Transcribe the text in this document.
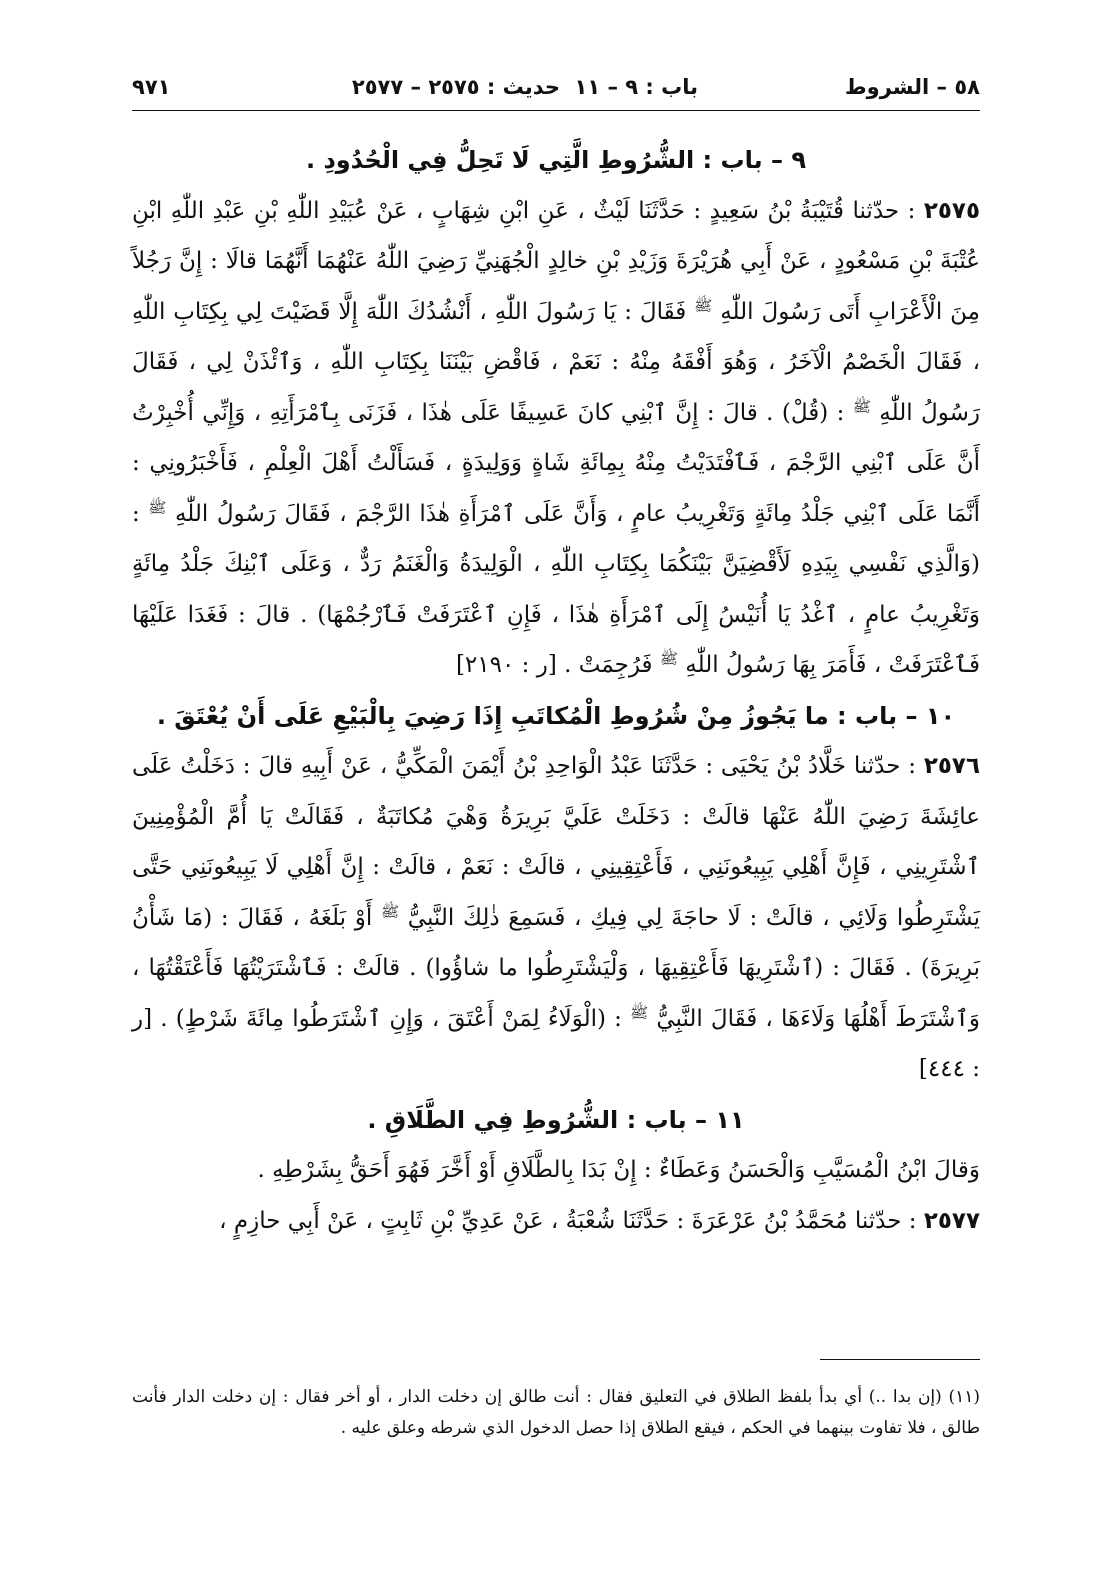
٥٨ – الشروط
باب : ٩ – ١١
حديث : ٢٥٧٥ – ٢٥٧٧
٩٧١

٩ – باب : الشُّرُوطِ الَّتِي لَا تَحِلُّ فِي الْحُدُودِ .

٢٥٧٥ : حدّثنا قُتَيْبَةُ بْنُ سَعِيدٍ : حَدَّثَنَا لَيْثٌ ، عَنِ ابْنِ شِهَابٍ ، عَنْ عُبَيْدِ اللّٰهِ بْنِ عَبْدِ اللّٰهِ ابْنِ عُتْبَةَ بْنِ مَسْعُودٍ ، عَنْ أَبِي هُرَيْرَةَ وَزَيْدِ بْنِ خالِدٍ الْجُهَنِيِّ رَضِيَ اللّٰهُ عَنْهُمَا أَنَّهُمَا قالَا : إِنَّ رَجُلاً مِنَ الْأَعْرَابِ أَتَى رَسُولَ اللّٰهِ $^ﷺ$ فَقَالَ : يَا رَسُولَ اللّٰهِ ، أَنْشُدُكَ اللّٰهَ إِلَّا قَضَيْتَ لِي بِكِتَابِ اللّٰهِ ، فَقَالَ الْخَصْمُ الْآخَرُ ، وَهُوَ أَفْقَهُ مِنْهُ : نَعَمْ ، فَاقْضِ بَيْنَنَا بِكِتَابِ اللّٰهِ ، وَٱئْذَنْ لِي ، فَقَالَ رَسُولُ اللّٰهِ $^ﷺ$ : (قُلْ) . قالَ : إِنَّ ٱبْنِي كانَ عَسِيفًا عَلَى هٰذَا ، فَزَنَى بِٱمْرَأَتِهِ ، وَإِنِّي أُخْبِرْتُ أَنَّ عَلَى ٱبْنِي الرَّجْمَ ، فَٱفْتَدَيْتُ مِنْهُ بِمِائَةِ شَاةٍ وَوَلِيدَةٍ ، فَسَأَلْتُ أَهْلَ الْعِلْمِ ، فَأَخْبَرُونِي : أَنَّمَا عَلَى ٱبْنِي جَلْدُ مِائَةٍ وَتَغْرِيبُ عامٍ ، وَأَنَّ عَلَى ٱمْرَأَةِ هٰذَا الرَّجْمَ ، فَقَالَ رَسُولُ اللّٰهِ $^ﷺ$ : (وَالَّذِي نَفْسِي بِيَدِهِ لَأَقْضِيَنَّ بَيْنَكُمَا بِكِتَابِ اللّٰهِ ، الْوَلِيدَةُ وَالْغَنَمُ رَدٌّ ، وَعَلَى ٱبْنِكَ جَلْدُ مِائَةٍ وَتَغْرِيبُ عامٍ ، ٱغْدُ يَا أُنَيْسُ إِلَى ٱمْرَأَةِ هٰذَا ، فَإِنِ ٱعْتَرَفَتْ فَٱرْجُمْهَا) . قالَ : فَغَدَا عَلَيْهَا فَٱعْتَرَفَتْ ، فَأَمَرَ بِهَا رَسُولُ اللّٰهِ $^ﷺ$ فَرُجِمَتْ . [ر : ٢١٩٠]

١٠ – باب : ما يَجُوزُ مِنْ شُرُوطِ الْمُكاتَبِ إِذَا رَضِيَ بِالْبَيْعِ عَلَى أَنْ يُعْتَقَ .

٢٥٧٦ : حدّثنا خَلَّادُ بْنُ يَحْيَى : حَدَّثَنَا عَبْدُ الْوَاحِدِ بْنُ أَيْمَنَ الْمَكِّيُّ ، عَنْ أَبِيهِ قالَ : دَخَلْتُ عَلَى عائِشَةَ رَضِيَ اللّٰهُ عَنْهَا قالَتْ : دَخَلَتْ عَلَيَّ بَرِيرَةُ وَهْيَ مُكاتَبَةٌ ، فَقَالَتْ يَا أُمَّ الْمُؤْمِنِينَ ٱشْتَرِينِي ، فَإِنَّ أَهْلِي يَبِيعُونَنِي ، فَأَعْتِقِينِي ، قالَتْ : نَعَمْ ، قالَتْ : إِنَّ أَهْلِي لَا يَبِيعُونَنِي حَتَّى يَشْتَرِطُوا وَلَائِي ، قالَتْ : لَا حاجَةَ لِي فِيكِ ، فَسَمِعَ ذٰلِكَ النَّبِيُّ $^ﷺ$ أَوْ بَلَغَهُ ، فَقَالَ : (مَا شَأْنُ بَرِيرَةَ) . فَقَالَ : (ٱشْتَرِيهَا فَأَعْتِقِيهَا ، وَلْيَشْتَرِطُوا ما شاؤُوا) . قالَتْ : فَٱشْتَرَيْتُهَا فَأَعْتَقْتُهَا ، وَٱشْتَرَطَ أَهْلُهَا وَلَاءَهَا ، فَقَالَ النَّبِيُّ $^ﷺ$ : (الْوَلَاءُ لِمَنْ أَعْتَقَ ، وَإِنِ ٱشْتَرَطُوا مِائَةَ شَرْطٍ) . [ر : ٤٤٤]

١١ – باب : الشُّرُوطِ فِي الطَّلَاقِ .

وَقالَ ابْنُ الْمُسَيَّبِ وَالْحَسَنُ وَعَطَاءٌ : إِنْ بَدَا بِالطَّلَاقِ أَوْ أَخَّرَ فَهُوَ أَحَقُّ بِشَرْطِهِ .

٢٥٧٧ : حدّثنا مُحَمَّدُ بْنُ عَرْعَرَةَ : حَدَّثَنَا شُعْبَةُ ، عَنْ عَدِيِّ بْنِ ثَابِتٍ ، عَنْ أَبِي حازِمٍ ،

(١١) (إن بدا ..) أي بدأ بلفظ الطلاق في التعليق فقال : أنت طالق إن دخلت الدار ، أو أخر فقال : إن دخلت الدار فأنت طالق ، فلا تفاوت بينهما في الحكم ، فيقع الطلاق إذا حصل الدخول الذي شرطه وعلق عليه .
